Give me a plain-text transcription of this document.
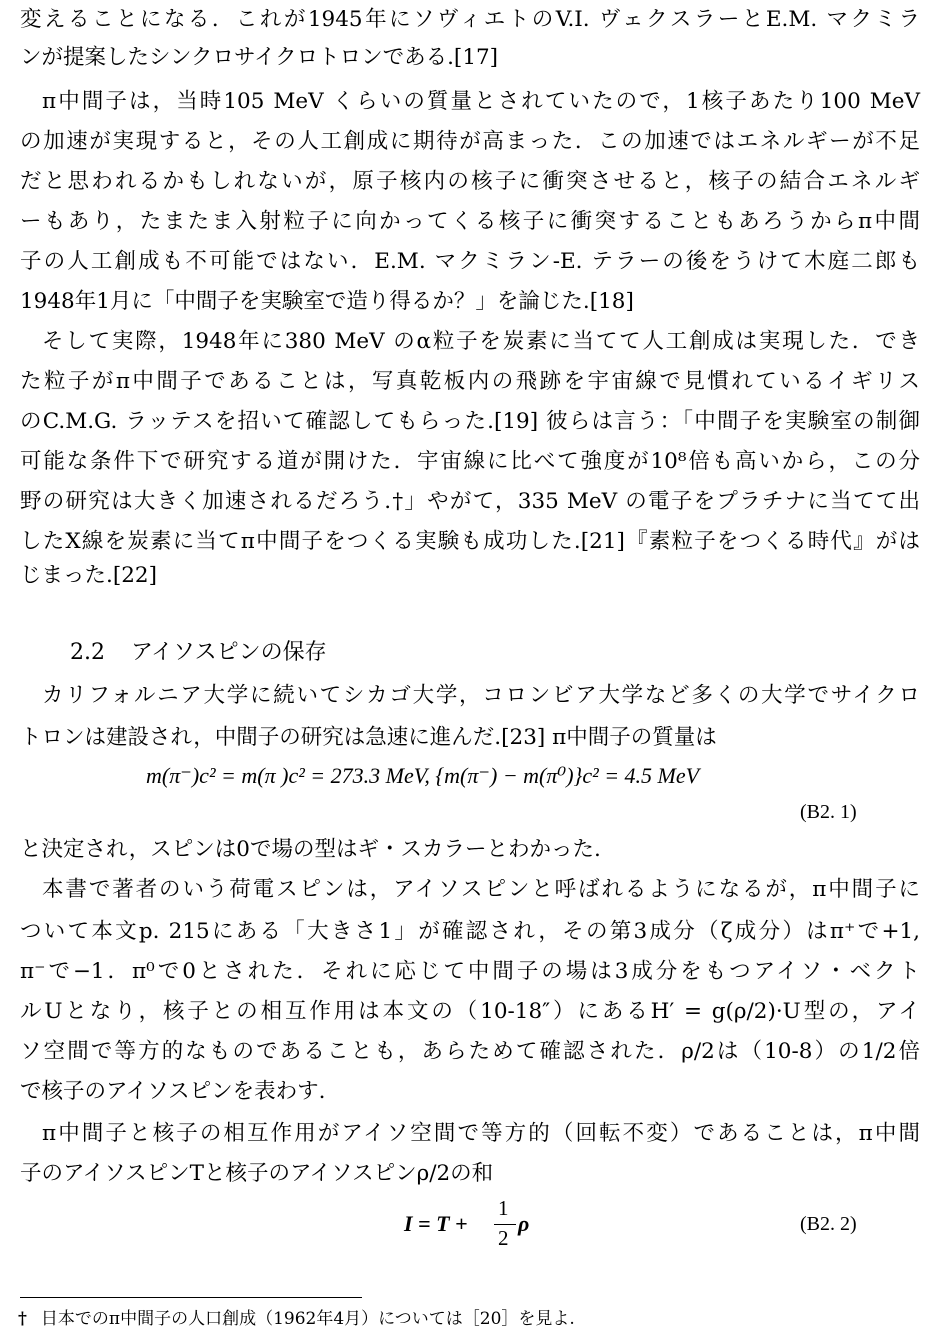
変えることになる．これが1945年にソヴィエトのV.I. ヴェクスラーとE.M. マクミラ
ンが提案したシンクロサイクロトロンである.[17]
π中間子は，当時105 MeV くらいの質量とされていたので，1核子あたり100 MeV
の加速が実現すると，その人工創成に期待が高まった．この加速ではエネルギーが不足
だと思われるかもしれないが，原子核内の核子に衝突させると，核子の結合エネルギ
ーもあり，たまたま入射粒子に向かってくる核子に衝突することもあろうからπ中間
子の人工創成も不可能ではない．E.M. マクミラン‐E. テラーの後をうけて木庭二郎も
1948年1月に「中間子を実験室で造り得るか？」を論じた.[18]
そして実際，1948年に380 MeV のα粒子を炭素に当てて人工創成は実現した．でき
た粒子がπ中間子であることは，写真乾板内の飛跡を宇宙線で見慣れているイギリス
のC.M.G. ラッテスを招いて確認してもらった.[19] 彼らは言う：「中間子を実験室の制御
可能な条件下で研究する道が開けた．宇宙線に比べて強度が10⁸倍も高いから，この分
野の研究は大きく加速されるだろう.†」やがて，335 MeV の電子をプラチナに当てて出
したX線を炭素に当てπ中間子をつくる実験も成功した.[21]『素粒子をつくる時代』がは
じまった.[22]
2.2 アイソスピンの保存
カリフォルニア大学に続いてシカゴ大学，コロンビア大学など多くの大学でサイクロ
トロンは建設され，中間子の研究は急速に進んだ.[23] π中間子の質量は
m(π⁻)c² = m(π )c² = 273.3 MeV, {m(π⁻) − m(π⁰)}c² = 4.5 MeV
(B2. 1)
と決定され，スピンは0で場の型はギ・スカラーとわかった.
本書で著者のいう荷電スピンは，アイソスピンと呼ばれるようになるが，π中間子に
ついて本文p. 215にある「大きさ1」が確認され，その第3成分（ζ成分）はπ⁺で+1,
π⁻で−1．π⁰で0とされた．それに応じて中間子の場は3成分をもつアイソ・ベクト
ルUとなり，核子との相互作用は本文の（10-18″）にあるH′ = g(ρ/2)·U型の，アイ
ソ空間で等方的なものであることも，あらためて確認された．ρ/2は（10-8）の1/2倍
で核子のアイソスピンを表わす.
π中間子と核子の相互作用がアイソ空間で等方的（回転不変）であることは，π中間
子のアイソスピンTと核子のアイソスピンρ/2の和
I = T +
1
2
ρ	(B2. 2)
† 日本でのπ中間子の人口創成（1962年4月）については［20］を見よ.
